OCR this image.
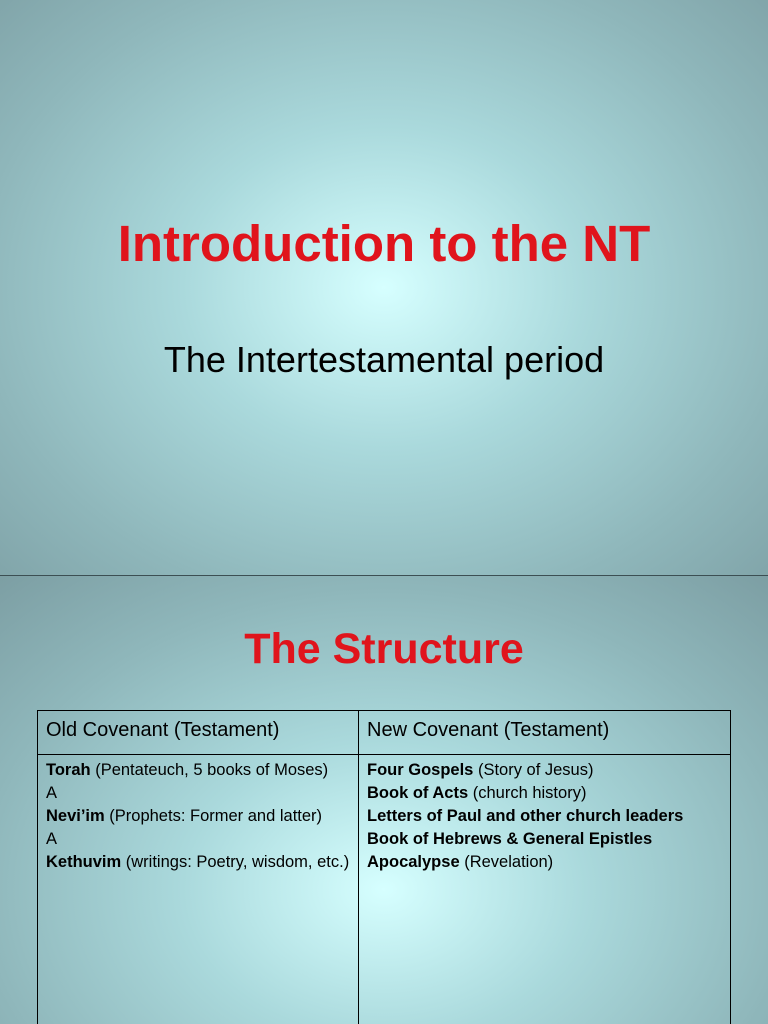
Introduction to the NT

The Intertestamental period

The Structure
Old Covenant (Testament)
Torah (Pentateuch, 5 books of Moses)
A
Nevi’im (Prophets: Former and latter)
A
Kethuvim (writings: Poetry, wisdom, etc.)
New Covenant (Testament)
Four Gospels (Story of Jesus)
Book of Acts (church history)
Letters of Paul and other church leaders
Book of Hebrews & General Epistles
Apocalypse (Revelation)
